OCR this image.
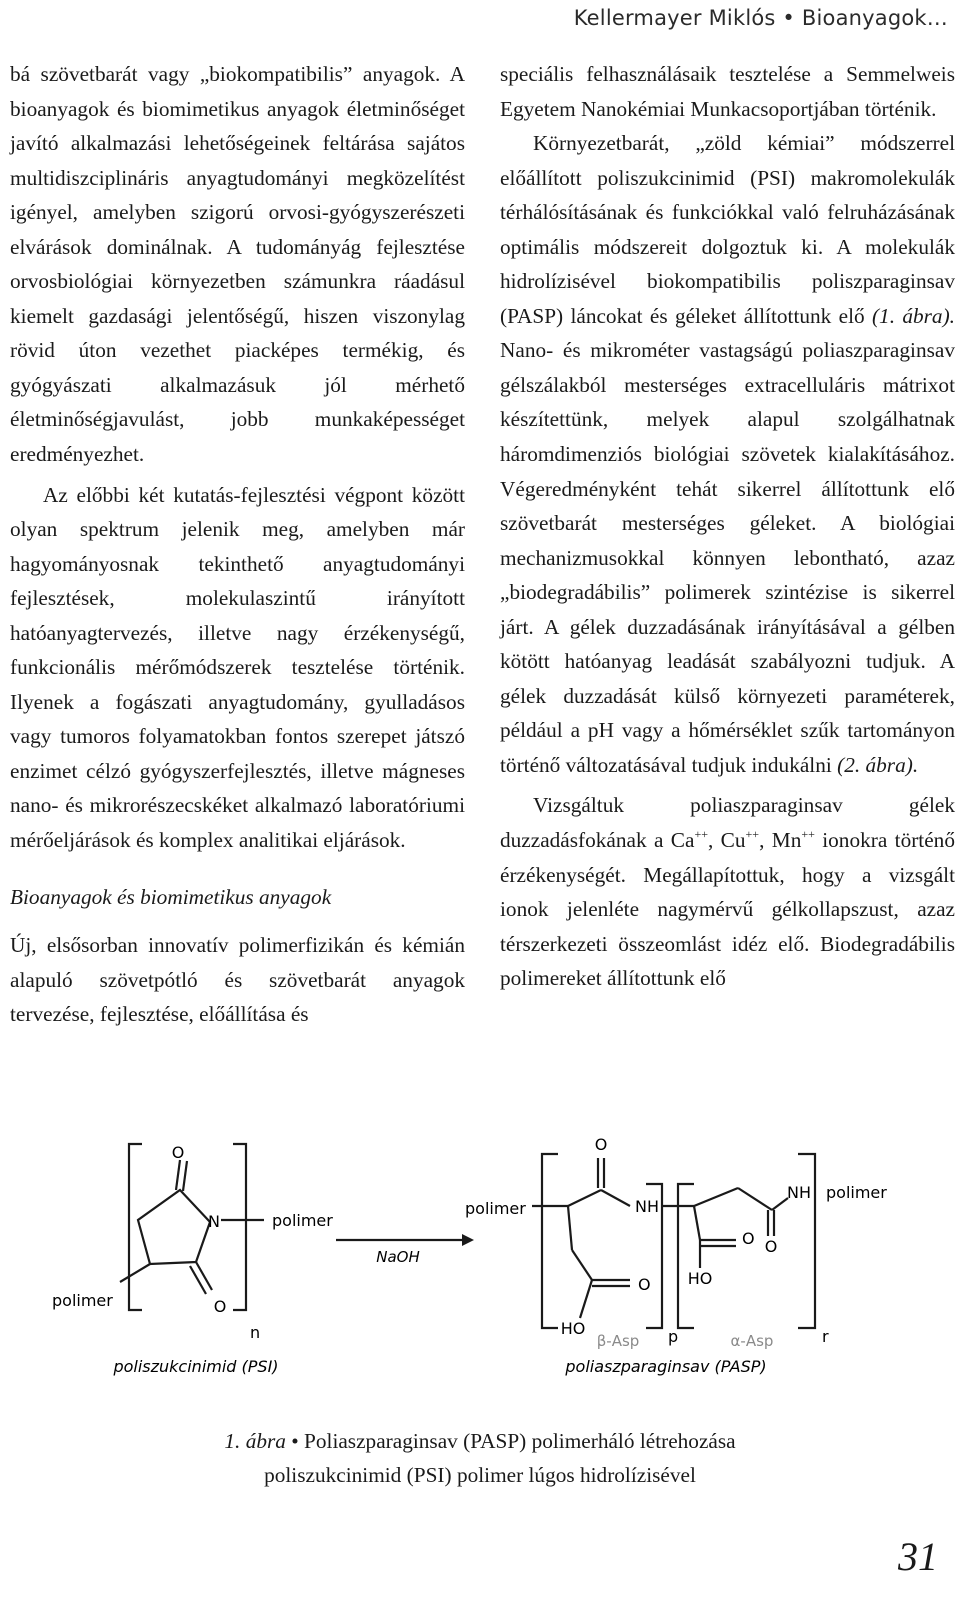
Kellermayer Miklós • Bioanyagok…

bá szövetbarát vagy „biokompatibilis” anyagok. A bioanyagok és biomimetikus anyagok életminőséget javító alkalmazási lehetőségeinek feltárása sajátos multidiszciplináris anyagtudományi megközelítést igényel, amelyben szigorú orvosi-gyógyszerészeti elvárások dominálnak. A tudományág fejlesztése orvosbiológiai környezetben számunkra ráadásul kiemelt gazdasági jelentőségű, hiszen viszonylag rövid úton vezethet piacképes termékig, és gyógyászati alkalmazásuk jól mérhető életminőségjavulást, jobb munkaképességet eredményezhet.

Az előbbi két kutatás-fejlesztési végpont között olyan spektrum jelenik meg, amelyben már hagyományosnak tekinthető anyagtudományi fejlesztések, molekulaszintű irányított hatóanyagtervezés, illetve nagy érzékenységű, funkcionális mérőmódszerek tesztelése történik. Ilyenek a fogászati anyagtudomány, gyulladásos vagy tumoros folyamatokban fontos szerepet játszó enzimet célzó gyógyszerfejlesztés, illetve mágneses nano- és mikrorészecskéket alkalmazó laboratóriumi mérőeljárások és komplex analitikai eljárások.

Bioanyagok és biomimetikus anyagok

Új, elsősorban innovatív polimerfizikán és kémián alapuló szövetpótló és szövetbarát anyagok tervezése, fejlesztése, előállítása és

speciális felhasználásaik tesztelése a Semmelweis Egyetem Nanokémiai Munkacsoportjában történik.

Környezetbarát, „zöld kémiai” módszerrel előállított poliszukcinimid (PSI) makromolekulák térhálósításának és funkciókkal való felruházásának optimális módszereit dolgoztuk ki. A molekulák hidrolízisével biokompatibilis poliszparaginsav (PASP) láncokat és géleket állítottunk elő (1. ábra). Nano- és mikrométer vastagságú poliaszparaginsav gélszálakból mesterséges extracelluláris mátrixot készítettünk, melyek alapul szolgálhatnak háromdimenziós biológiai szövetek kialakításához. Végeredményként tehát sikerrel állítottunk elő szövetbarát mesterséges géleket. A biológiai mechanizmusokkal könnyen lebontható, azaz „biodegradábilis” polimerek szintézise is sikerrel járt. A gélek duzzadásának irányításával a gélben kötött hatóanyag leadását szabályozni tudjuk. A gélek duzzadását külső környezeti paraméterek, például a pH vagy a hőmérséklet szűk tartományon történő változatásával tudjuk indukálni (2. ábra).

Vizsgáltuk poliaszparaginsav gélek duzzadásfokának a Ca++, Cu++, Mn++ ionokra történő érzékenységét. Megállapítottuk, hogy a vizsgált ionok jelenléte nagymérvű gélkollapszust, azaz térszerkezeti összeomlást idéz elő. Biodegradábilis polimereket állítottunk elő

O
N	polimer
O
polimer
n
poliszukcinimid (PSI)
NaOH
polimer
O
NH
O
HO
β-Asp p
NH polimer
O
O
HO
α-Asp	r
poliaszparaginsav (PASP)
1. ábra • Poliaszparaginsav (PASP) polimerháló létrehozása
poliszukcinimid (PSI) polimer lúgos hidrolízisével
31
